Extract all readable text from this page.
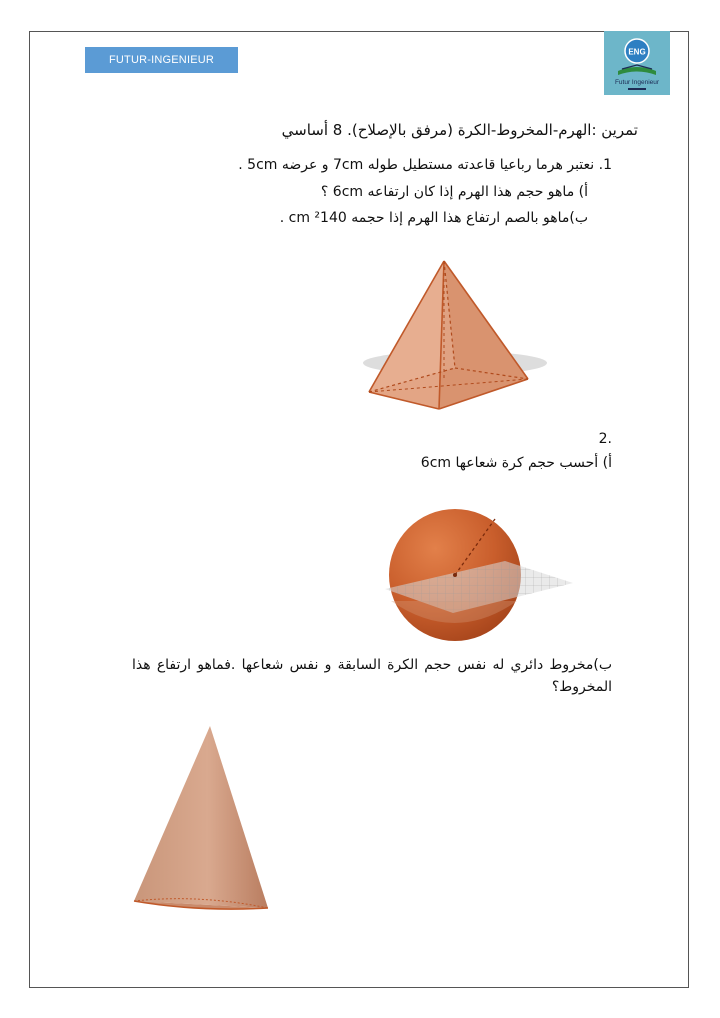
FUTUR-INGENIEUR
ENG
Futur Ingenieur
تمرين :الهرم-المخروط-الكرة (مرفق بالإصلاح). 8 أساسي
1. نعتبر هرما رباعيا قاعدته مستطيل طوله 7cm و عرضه 5cm .
أ) ماهو حجم هذا الهرم إذا كان ارتفاعه 6cm ؟
ب)ماهو بالصم ارتفاع هذا الهرم إذا حجمه ²140 cm .
2.
أ) أحسب حجم كرة شعاعها 6cm
ب)مخروط دائري له نفس حجم الكرة السابقة و نفس شعاعها .فماهو ارتفاع هذا المخروط؟
